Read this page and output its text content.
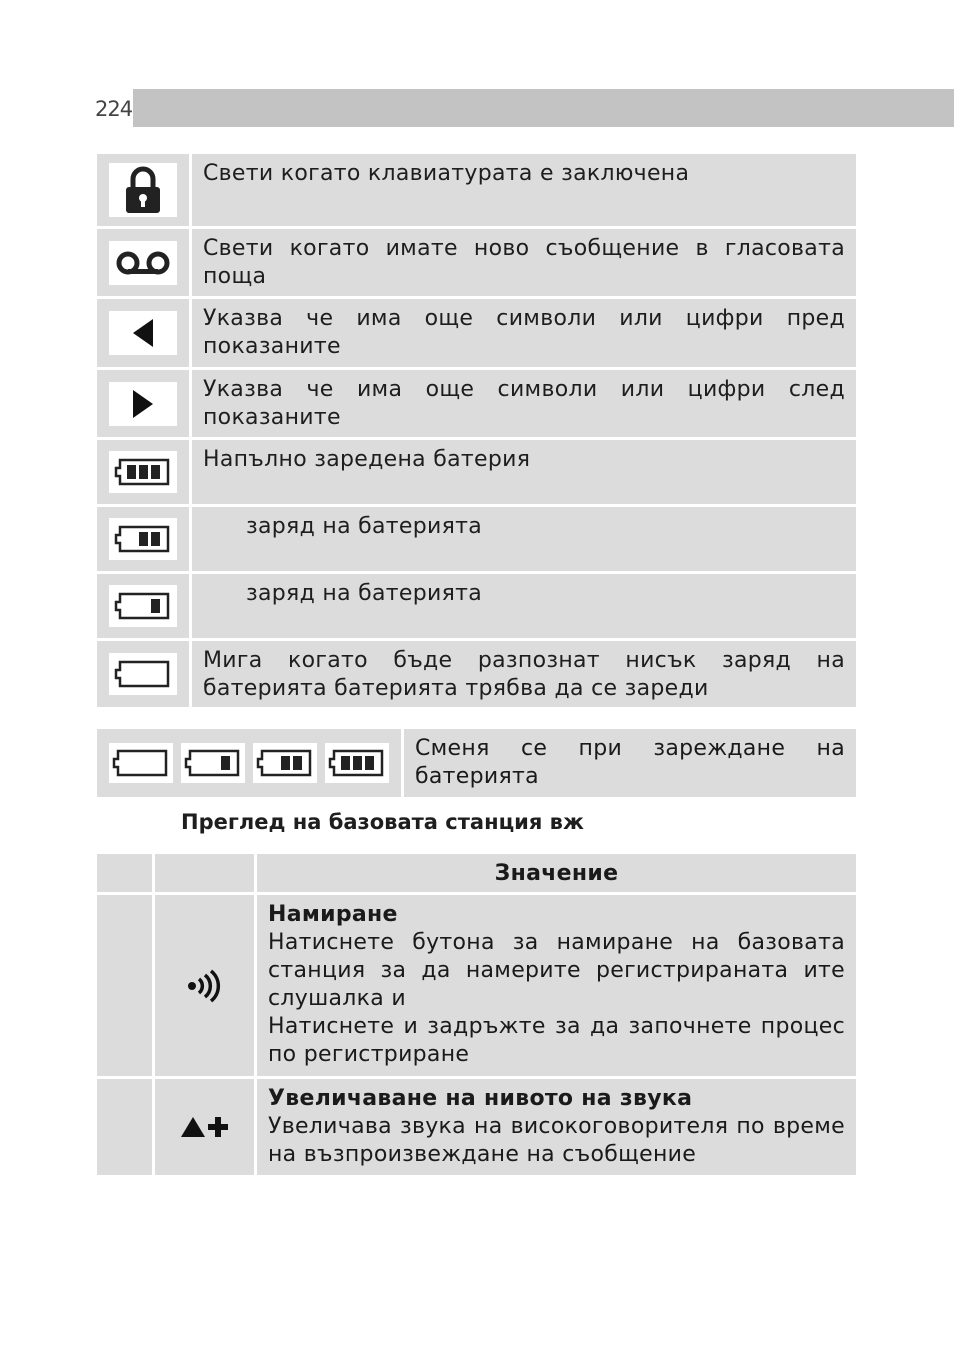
224
Свети когато клавиатурата е заключена
Свети когато имате ново съобщение в гласовата поща
Указва че има още символи или цифри пред показаните
Указва че има още символи или цифри след показаните
Напълно заредена батерия
заряд на батерията
заряд на батерията
Мига когато бъде разпознат нисък заряд на батерията батерията трябва да се зареди
Сменя се при зареждане на батерията
Преглед на базовата станция вж
Значение
Намиране
Натиснете бутона за намиране на базовата станция за да намерите регистрираната ите слушалка и
Натиснете и задръжте за да започнете процес по регистриране
Увеличаване на нивото на звука
Увеличава звука на високоговорителя по време на възпроизвеждане на съобщение
